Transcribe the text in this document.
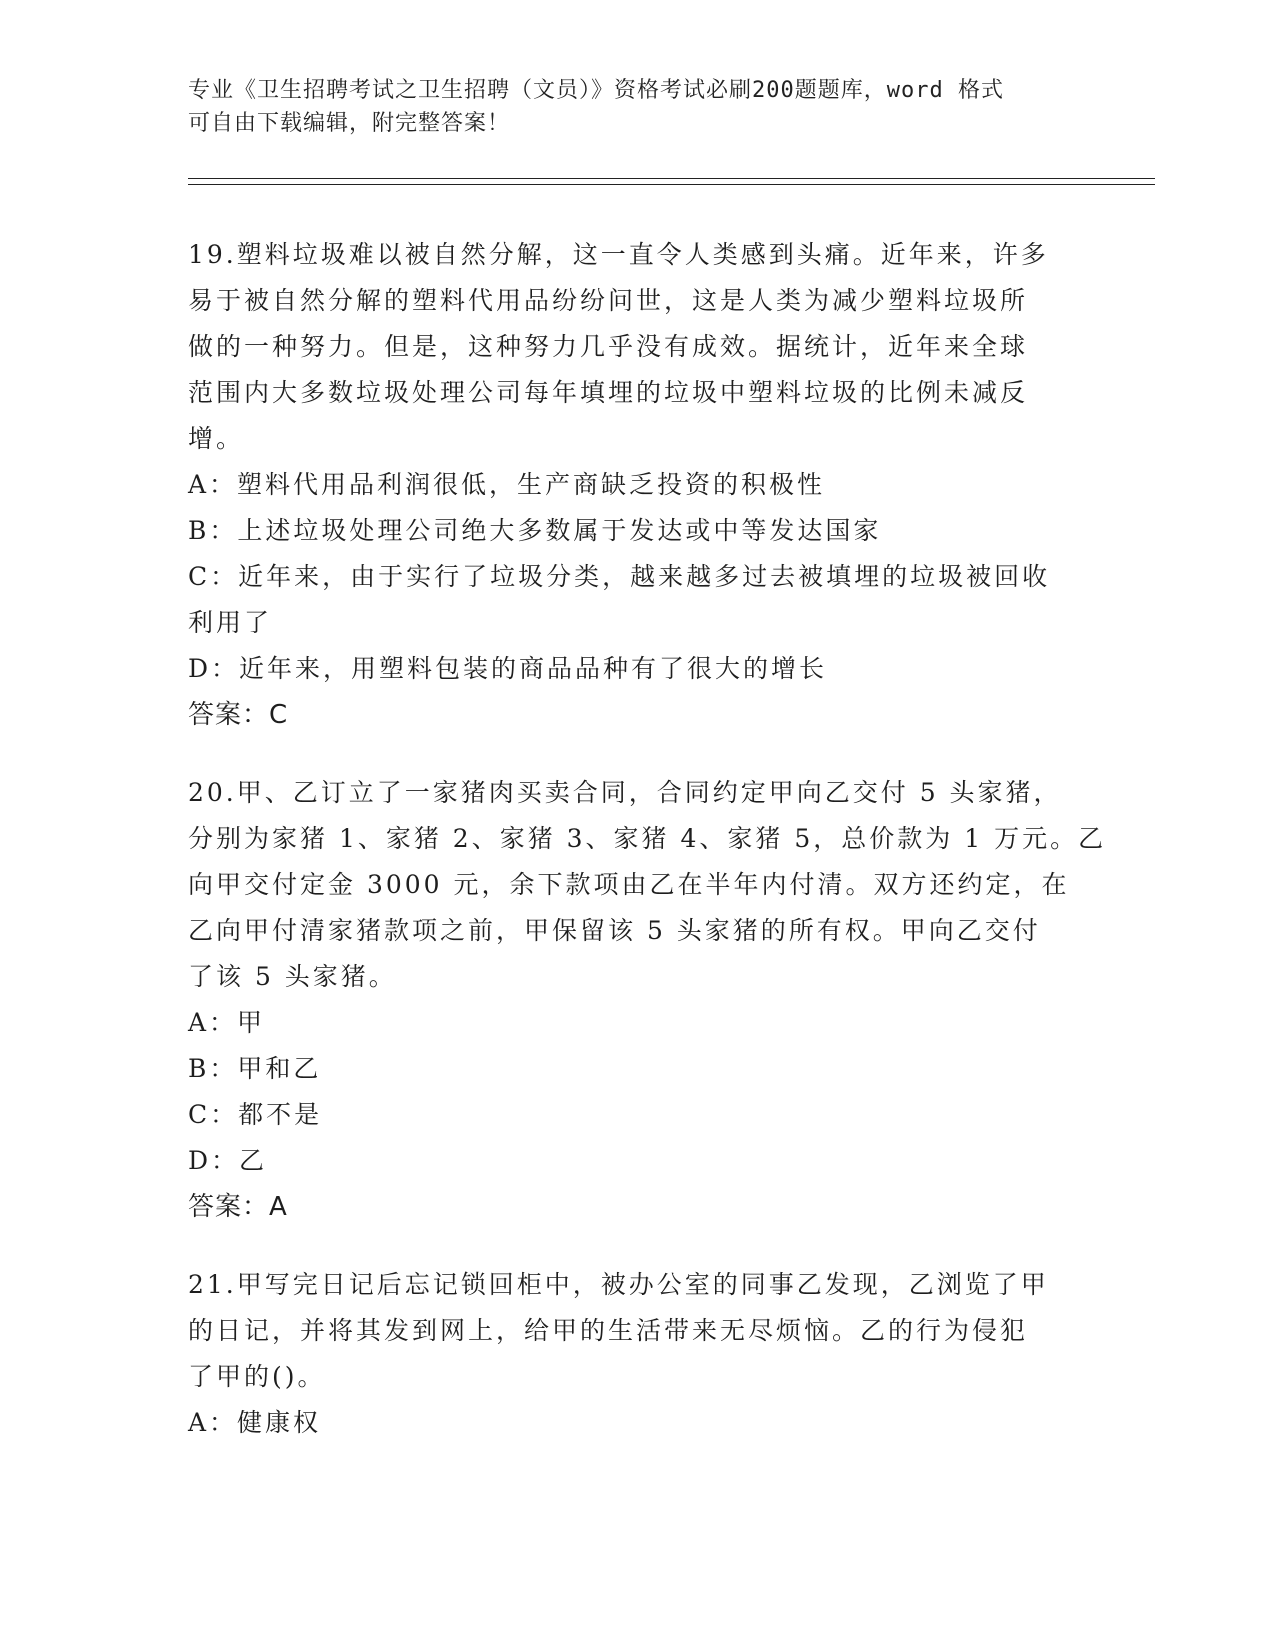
专业《卫生招聘考试之卫生招聘（文员）》资格考试必刷200题题库，word 格式
可自由下载编辑，附完整答案！
19.塑料垃圾难以被自然分解，这一直令人类感到头痛。近年来，许多
易于被自然分解的塑料代用品纷纷问世，这是人类为减少塑料垃圾所
做的一种努力。但是，这种努力几乎没有成效。据统计，近年来全球
范围内大多数垃圾处理公司每年填埋的垃圾中塑料垃圾的比例未减反
增。
A：塑料代用品利润很低，生产商缺乏投资的积极性
B：上述垃圾处理公司绝大多数属于发达或中等发达国家
C：近年来，由于实行了垃圾分类，越来越多过去被填埋的垃圾被回收
利用了
D：近年来，用塑料包装的商品品种有了很大的增长
答案：C
20.甲、乙订立了一家猪肉买卖合同，合同约定甲向乙交付 5 头家猪，
分别为家猪 1、家猪 2、家猪 3、家猪 4、家猪 5，总价款为 1 万元。乙
向甲交付定金 3000 元，余下款项由乙在半年内付清。双方还约定，在
乙向甲付清家猪款项之前，甲保留该 5 头家猪的所有权。甲向乙交付
了该 5 头家猪。
A：甲
B：甲和乙
C：都不是
D：乙
答案：A
21.甲写完日记后忘记锁回柜中，被办公室的同事乙发现，乙浏览了甲
的日记，并将其发到网上，给甲的生活带来无尽烦恼。乙的行为侵犯
了甲的()。
A：健康权
